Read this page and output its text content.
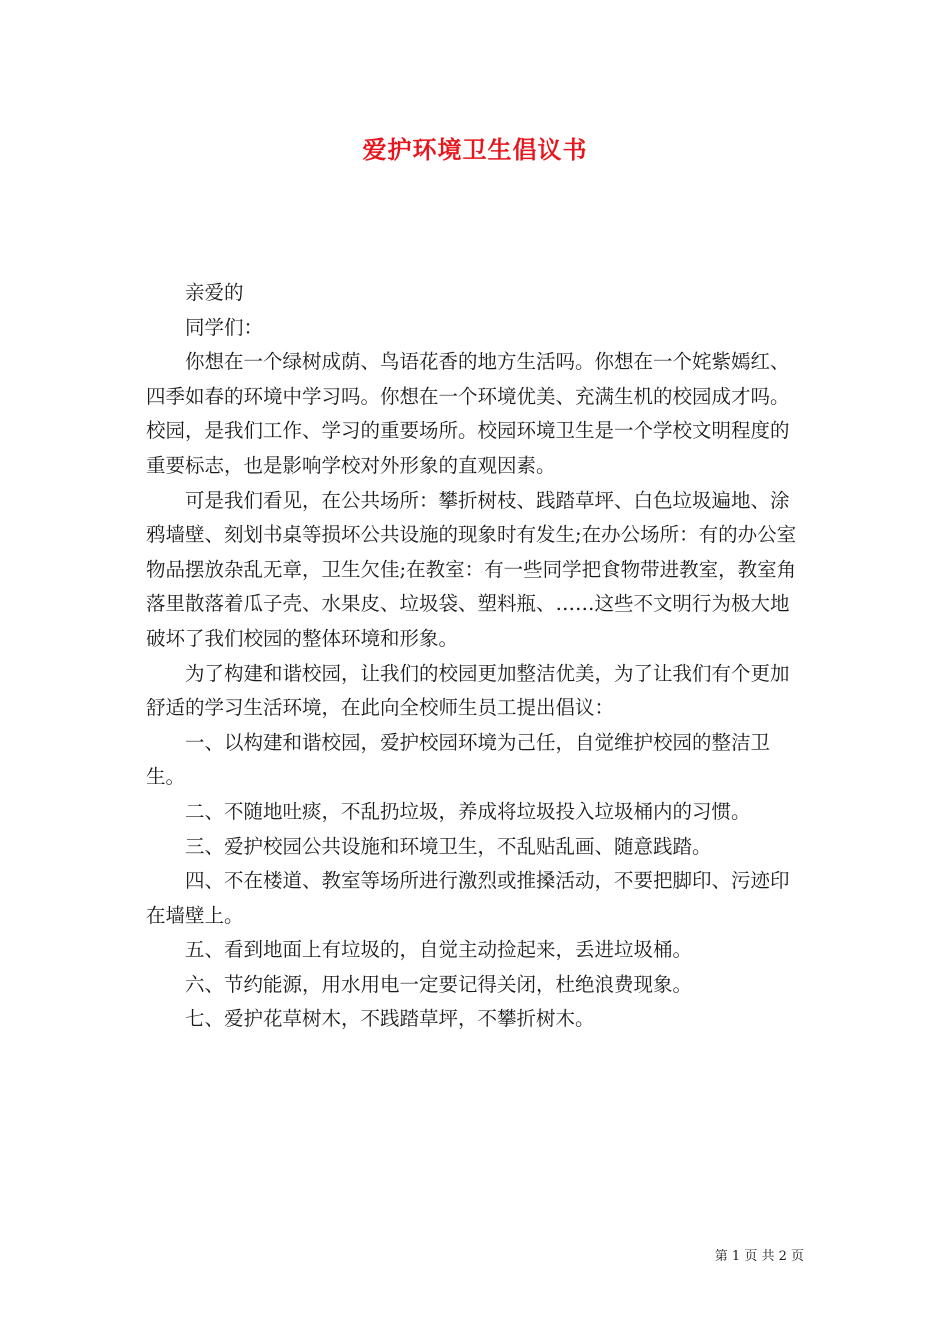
爱护环境卫生倡议书

亲爱的

同学们：

你想在一个绿树成荫、鸟语花香的地方生活吗。你想在一个姹紫嫣红、四季如春的环境中学习吗。你想在一个环境优美、充满生机的校园成才吗。校园，是我们工作、学习的重要场所。校园环境卫生是一个学校文明程度的重要标志，也是影响学校对外形象的直观因素。

可是我们看见，在公共场所：攀折树枝、践踏草坪、白色垃圾遍地、涂鸦墙壁、刻划书桌等损坏公共设施的现象时有发生;在办公场所：有的办公室物品摆放杂乱无章，卫生欠佳;在教室：有一些同学把食物带进教室，教室角落里散落着瓜子壳、水果皮、垃圾袋、塑料瓶、……这些不文明行为极大地破坏了我们校园的整体环境和形象。

为了构建和谐校园，让我们的校园更加整洁优美，为了让我们有个更加舒适的学习生活环境，在此向全校师生员工提出倡议：

一、以构建和谐校园，爱护校园环境为己任，自觉维护校园的整洁卫生。

二、不随地吐痰，不乱扔垃圾，养成将垃圾投入垃圾桶内的习惯。

三、爱护校园公共设施和环境卫生，不乱贴乱画、随意践踏。

四、不在楼道、教室等场所进行激烈或推搡活动，不要把脚印、污迹印在墙壁上。

五、看到地面上有垃圾的，自觉主动捡起来，丢进垃圾桶。

六、节约能源，用水用电一定要记得关闭，杜绝浪费现象。

七、爱护花草树木，不践踏草坪，不攀折树木。

第 1 页 共 2 页
